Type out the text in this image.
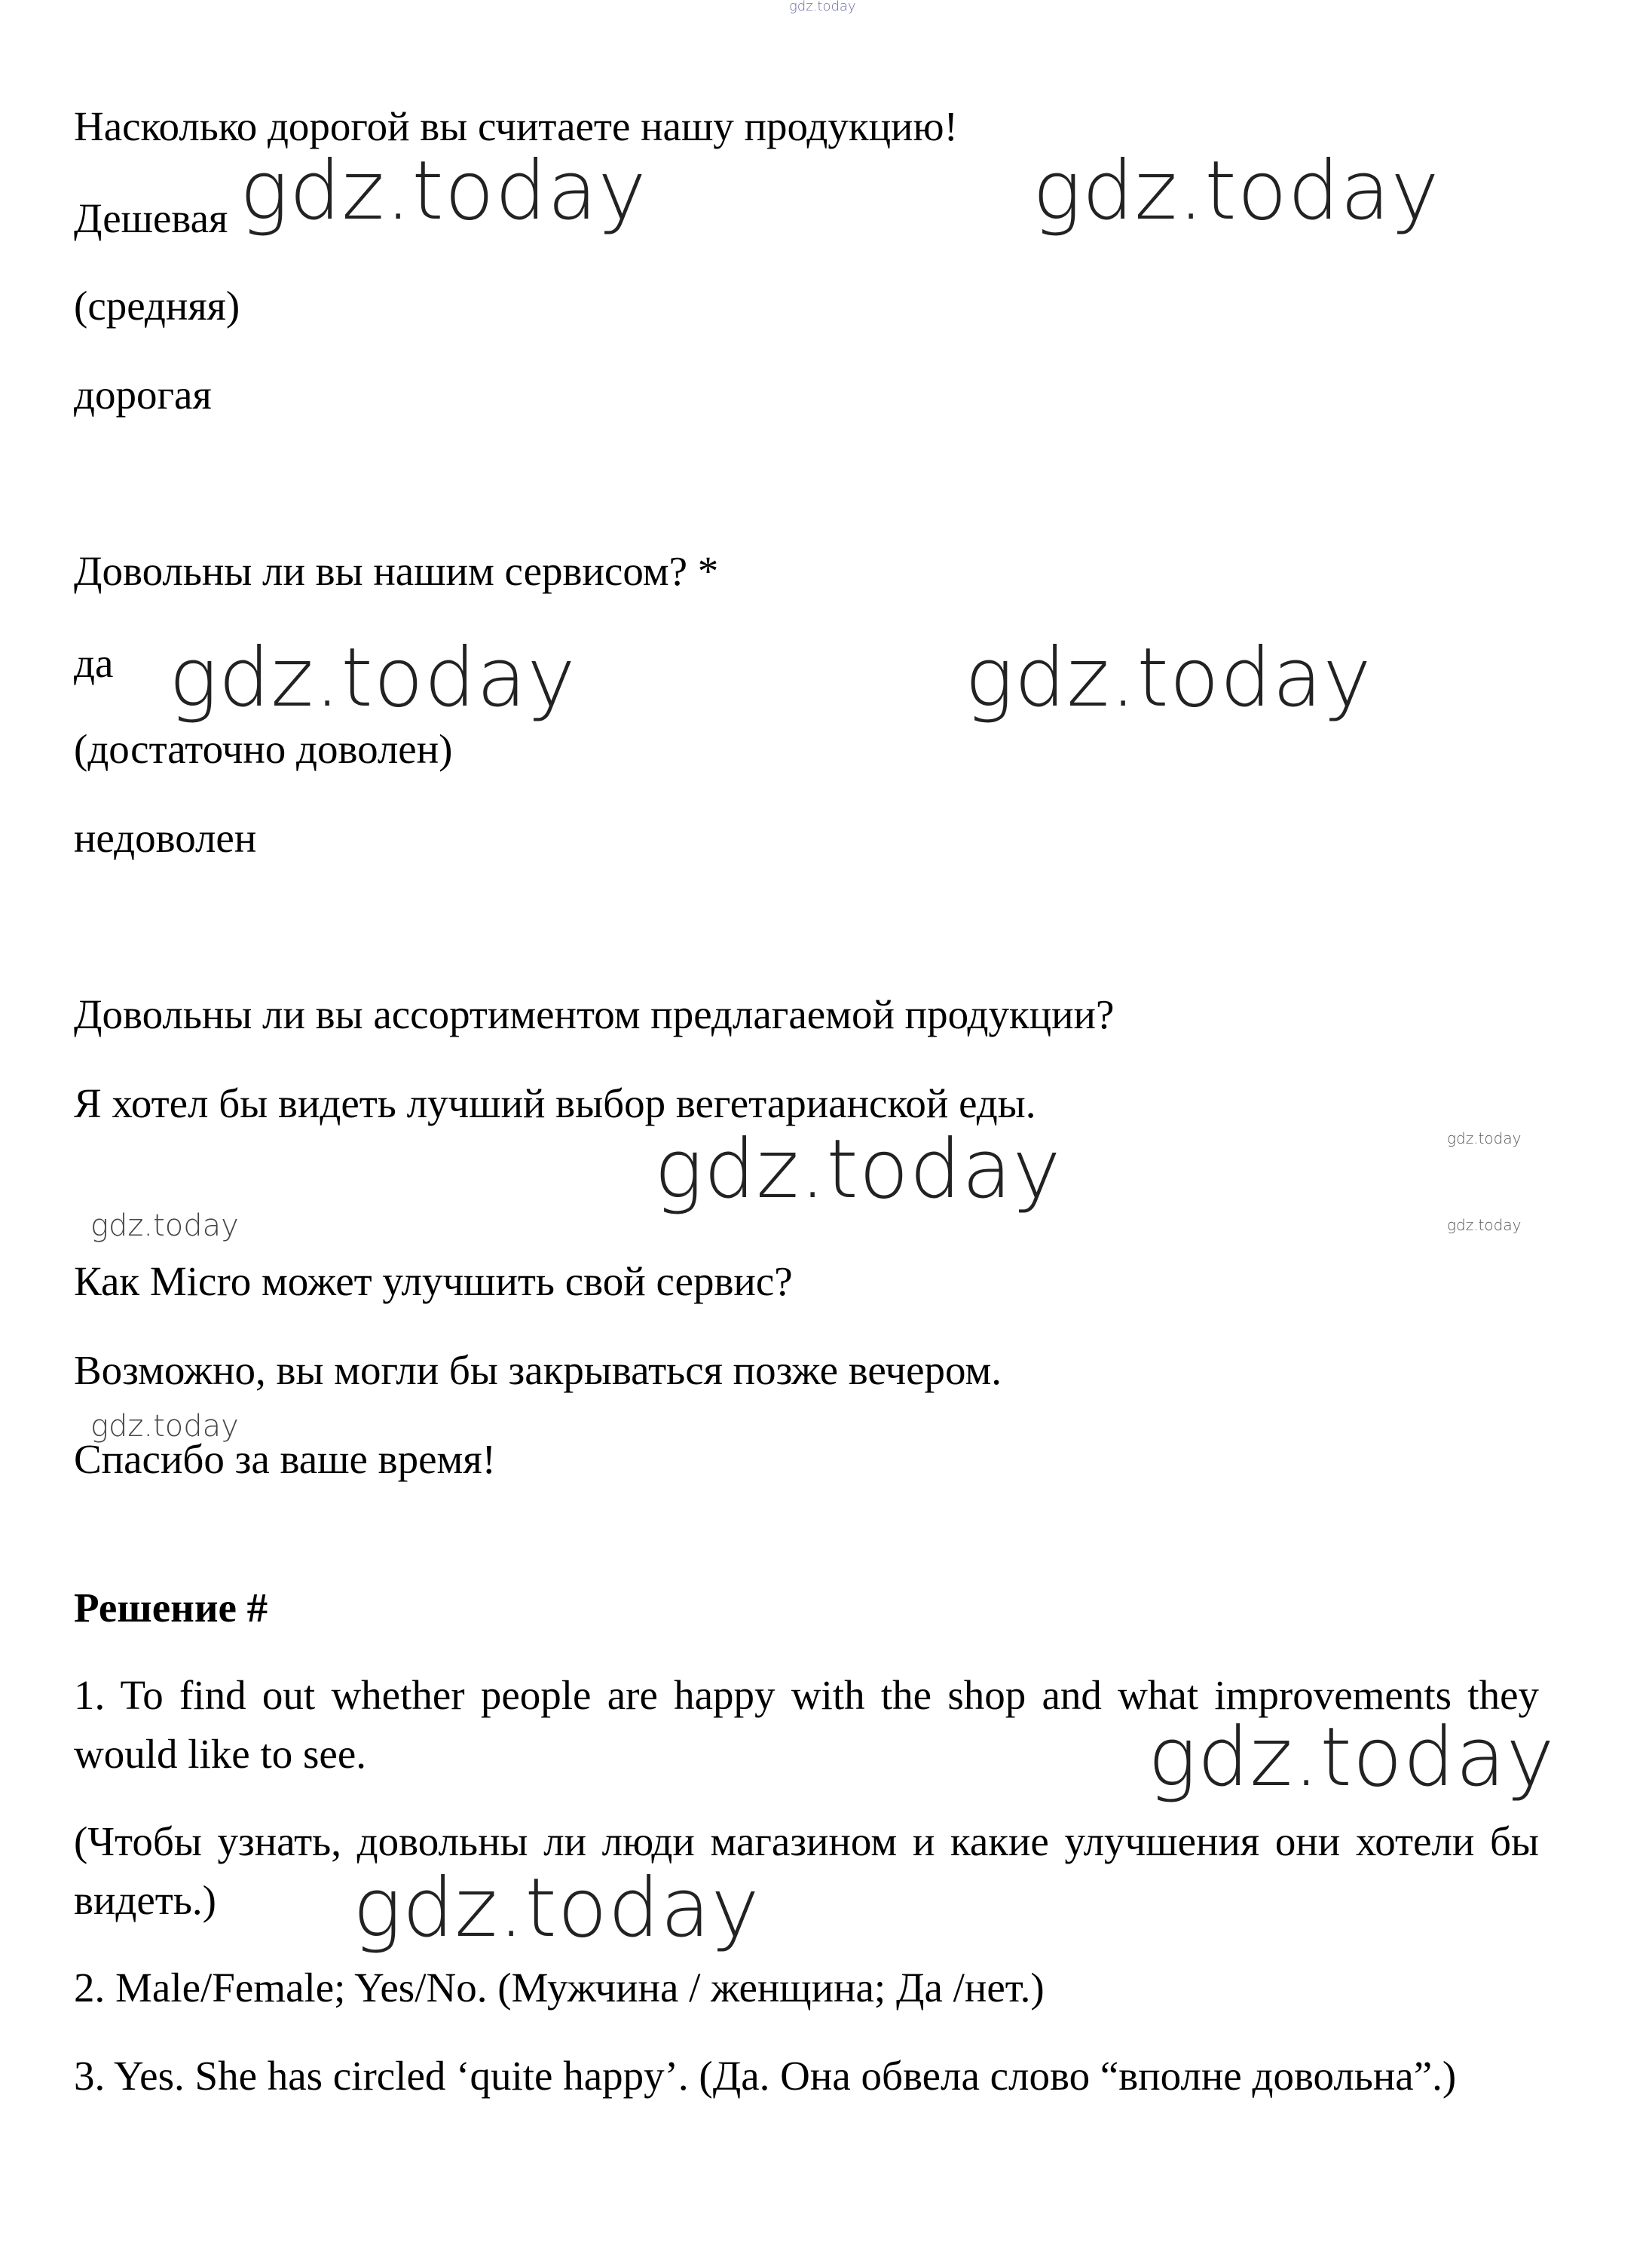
gdz.today
gdz.today	gdz.today
gdz.today	gdz.today
gdz.today	gdz.today
gdz.today	gdz.today
gdz.today
gdz.today
gdz.today

Насколько дорогой вы считаете нашу продукцию!

Дешевая

(средняя)

дорогая

Довольны ли вы нашим сервисом? *

да

(достаточно доволен)

недоволен

Довольны ли вы ассортиментом предлагаемой продукции?

Я хотел бы видеть лучший выбор вегетарианской еды.

Как Micro может улучшить свой сервис?

Возможно, вы могли бы закрываться позже вечером.

Спасибо за ваше время!

Решение #

1. To find out whether people are happy with the shop and what improvements they would like to see.

(Чтобы узнать, довольны ли люди магазином и какие улучшения они хотели бы видеть.)

2. Male/Female; Yes/No. (Мужчина / женщина; Да /нет.)

3. Yes. She has circled ‘quite happy’. (Да. Она обвела слово “вполне довольна”.)
